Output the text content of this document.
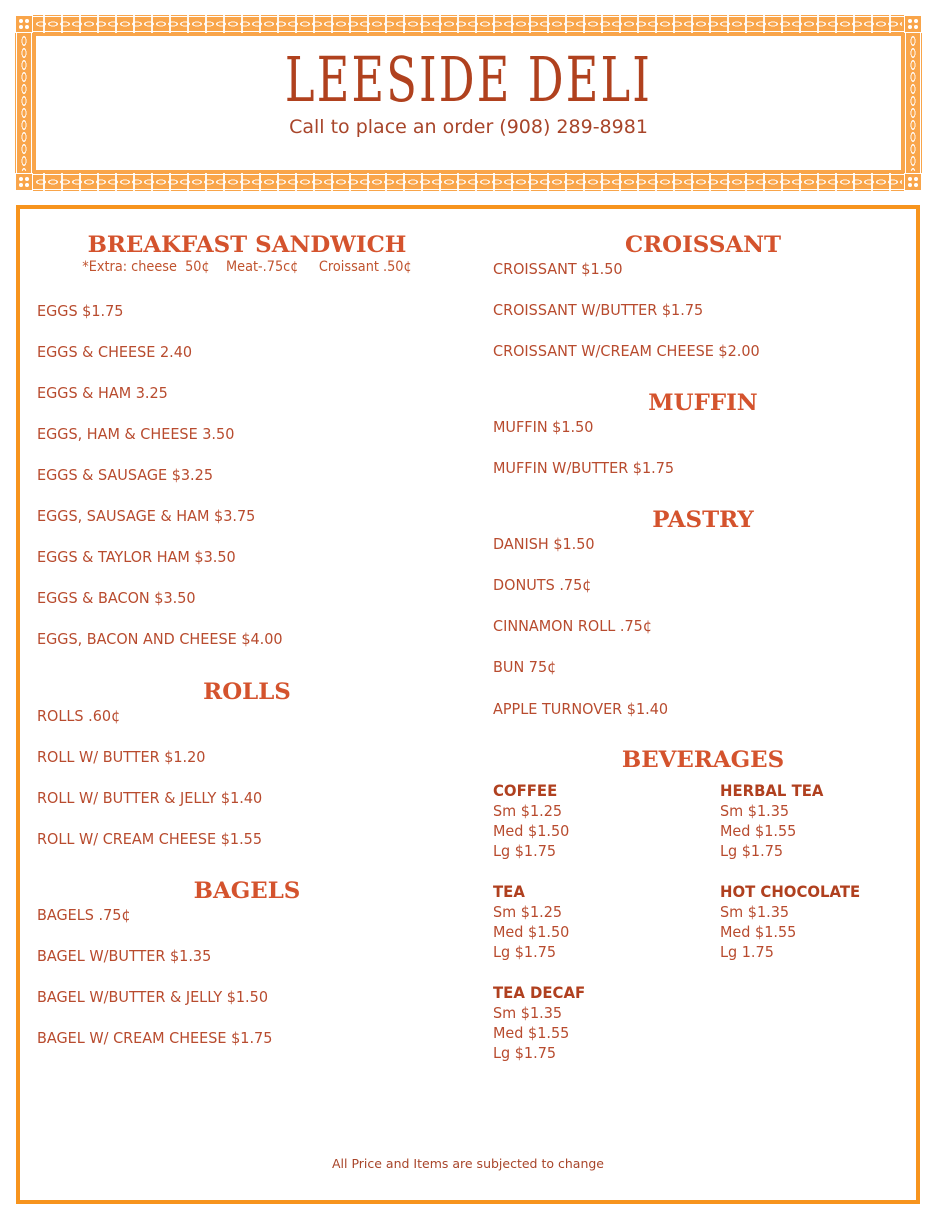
LEESIDE DELI
Call to place an order (908) 289-8981
BREAKFAST SANDWICH
*Extra: cheese  50¢    Meat-.75c¢     Croissant .50¢
EGGS $1.75
EGGS & CHEESE 2.40
EGGS & HAM 3.25
EGGS, HAM & CHEESE 3.50
EGGS & SAUSAGE $3.25
EGGS, SAUSAGE & HAM $3.75
EGGS & TAYLOR HAM $3.50
EGGS & BACON $3.50
EGGS, BACON AND CHEESE $4.00
ROLLS
ROLLS .60¢
ROLL W/ BUTTER $1.20
ROLL W/ BUTTER & JELLY $1.40
ROLL W/ CREAM CHEESE $1.55
BAGELS
BAGELS .75¢
BAGEL W/BUTTER $1.35
BAGEL W/BUTTER & JELLY $1.50
BAGEL W/ CREAM CHEESE $1.75
CROISSANT
CROISSANT $1.50
CROISSANT W/BUTTER $1.75
CROISSANT W/CREAM CHEESE $2.00
MUFFIN
MUFFIN $1.50
MUFFIN W/BUTTER $1.75
PASTRY
DANISH $1.50
DONUTS .75¢
CINNAMON ROLL .75¢
BUN 75¢
APPLE TURNOVER $1.40
BEVERAGES
COFFEE
Sm $1.25
Med $1.50
Lg $1.75
HERBAL TEA
Sm $1.35
Med $1.55
Lg $1.75
TEA
Sm $1.25
Med $1.50
Lg $1.75
HOT CHOCOLATE
Sm $1.35
Med $1.55
Lg 1.75
TEA DECAF
Sm $1.35
Med $1.55
Lg $1.75
All Price and Items are subjected to change
